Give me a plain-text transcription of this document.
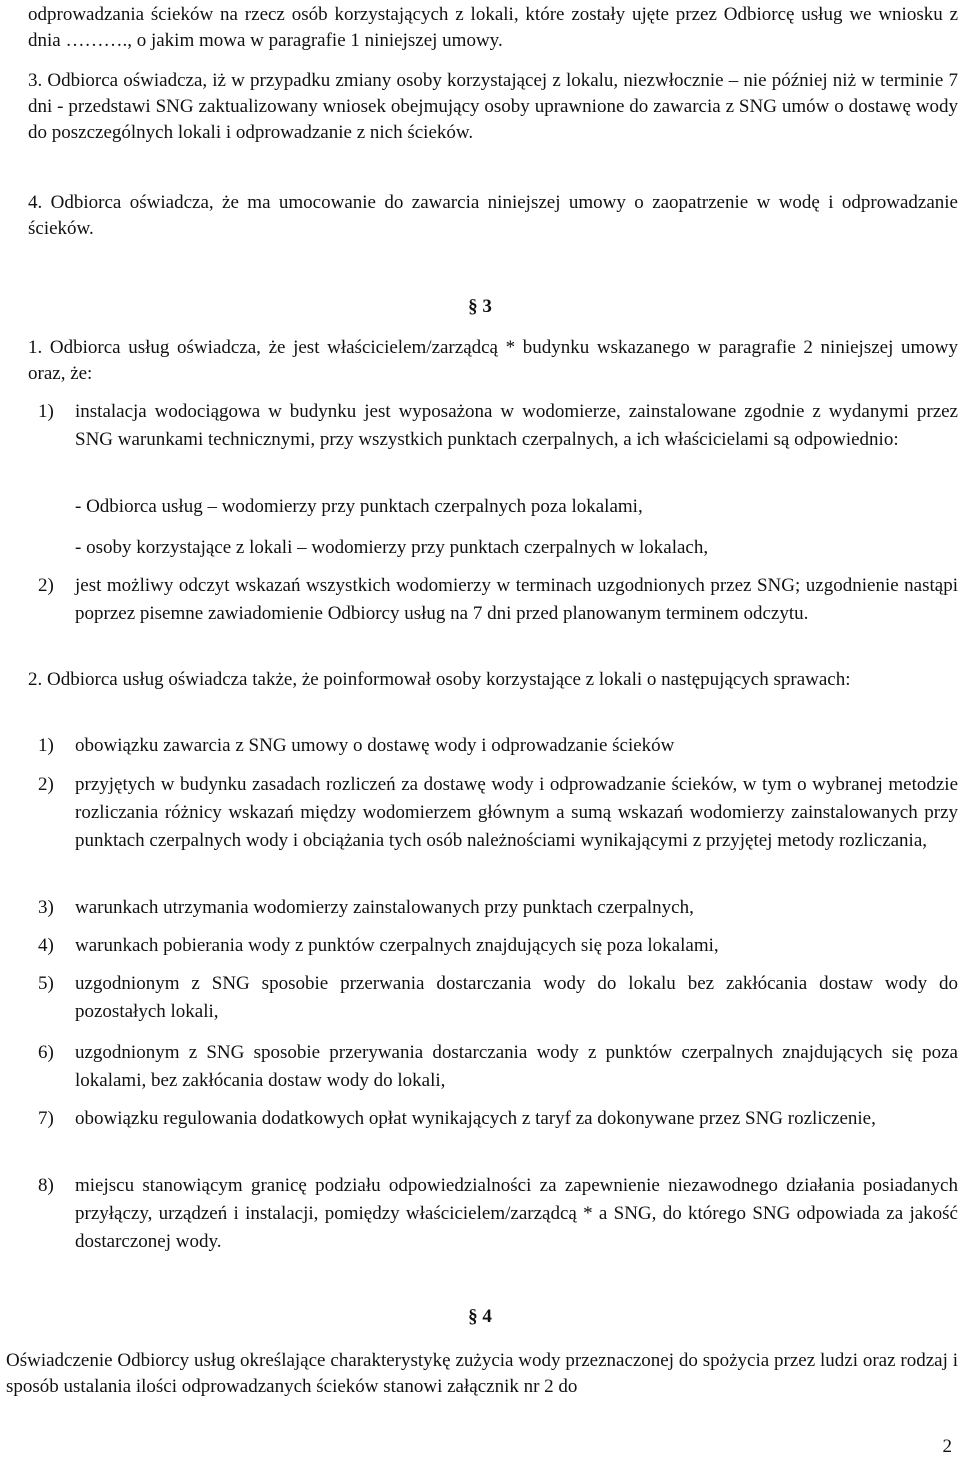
odprowadzania ścieków na rzecz osób korzystających z lokali, które zostały ujęte przez Odbiorcę usług we wniosku z dnia ………., o jakim mowa w paragrafie 1 niniejszej umowy.

3. Odbiorca oświadcza, iż w przypadku zmiany osoby korzystającej z lokalu, niezwłocznie – nie później niż w terminie 7 dni - przedstawi SNG zaktualizowany wniosek obejmujący osoby uprawnione do zawarcia z SNG umów o dostawę wody do poszczególnych lokali i odprowadzanie z nich ścieków.

4. Odbiorca oświadcza, że ma umocowanie do zawarcia niniejszej umowy o zaopatrzenie w wodę i odprowadzanie ścieków.

§ 3

1. Odbiorca usług oświadcza, że jest właścicielem/zarządcą * budynku wskazanego w paragrafie 2 niniejszej umowy oraz, że:

1) instalacja wodociągowa w budynku jest wyposażona w wodomierze, zainstalowane zgodnie z wydanymi przez SNG warunkami technicznymi, przy wszystkich punktach czerpalnych, a ich właścicielami są odpowiednio:

- Odbiorca usług – wodomierzy przy punktach czerpalnych poza lokalami,

- osoby korzystające z lokali – wodomierzy przy punktach czerpalnych w lokalach,

2) jest możliwy odczyt wskazań wszystkich wodomierzy w terminach uzgodnionych przez SNG; uzgodnienie nastąpi poprzez pisemne zawiadomienie Odbiorcy usług na 7 dni przed planowanym terminem odczytu.

2. Odbiorca usług oświadcza także, że poinformował osoby korzystające z lokali o następujących sprawach:

1) obowiązku zawarcia z SNG umowy o dostawę wody i odprowadzanie ścieków
2) przyjętych w budynku zasadach rozliczeń za dostawę wody i odprowadzanie ścieków, w tym o wybranej metodzie rozliczania różnicy wskazań między wodomierzem głównym a sumą wskazań wodomierzy zainstalowanych przy punktach czerpalnych wody i obciążania tych osób należnościami wynikającymi z przyjętej metody rozliczania,
3) warunkach utrzymania wodomierzy zainstalowanych przy punktach czerpalnych,
4) warunkach pobierania wody z punktów czerpalnych znajdujących się poza lokalami,
5) uzgodnionym z SNG sposobie przerwania dostarczania wody do lokalu bez zakłócania dostaw wody do pozostałych lokali,
6) uzgodnionym z SNG sposobie przerywania dostarczania wody z punktów czerpalnych znajdujących się poza lokalami, bez zakłócania dostaw wody do lokali,
7) obowiązku regulowania dodatkowych opłat wynikających z taryf za dokonywane przez SNG rozliczenie,
8) miejscu stanowiącym granicę podziału odpowiedzialności za zapewnienie niezawodnego działania posiadanych przyłączy, urządzeń i instalacji, pomiędzy właścicielem/zarządcą * a SNG, do którego SNG odpowiada za jakość dostarczonej wody.

§ 4

Oświadczenie Odbiorcy usług określające charakterystykę zużycia wody przeznaczonej do spożycia przez ludzi oraz rodzaj i sposób ustalania ilości odprowadzanych ścieków stanowi załącznik nr 2 do

2
